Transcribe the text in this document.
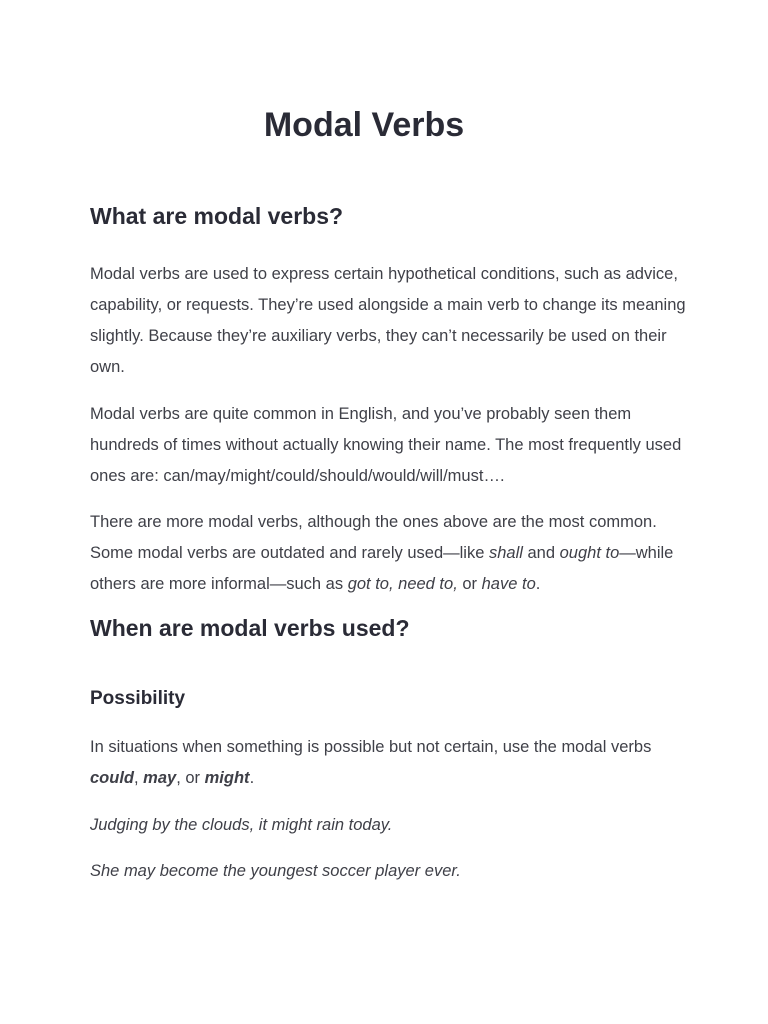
Modal Verbs
What are modal verbs?

Modal verbs are used to express certain hypothetical conditions, such as advice, capability, or requests. They’re used alongside a main verb to change its meaning slightly. Because they’re auxiliary verbs, they can’t necessarily be used on their own.

Modal verbs are quite common in English, and you’ve probably seen them hundreds of times without actually knowing their name. The most frequently used ones are: can/may/might/could/should/would/will/must….

There are more modal verbs, although the ones above are the most common. Some modal verbs are outdated and rarely used—like shall and ought to—while others are more informal—such as got to, need to, or have to.

When are modal verbs used?
Possibility

In situations when something is possible but not certain, use the modal verbs could, may, or might.

Judging by the clouds, it might rain today.

She may become the youngest soccer player ever.
